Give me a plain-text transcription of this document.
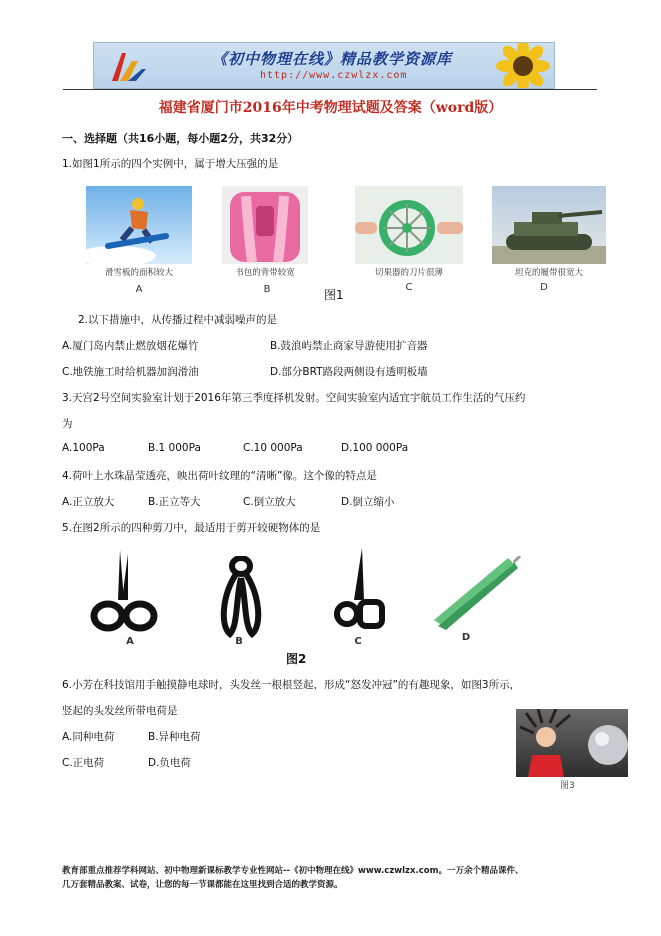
《初中物理在线》精品教学资源库
http://www.czwlzx.com
福建省厦门市2016年中考物理试题及答案（word版）
一、选择题（共16小题，每小题2分，共32分）
1.如图1所示的四个实例中，属于增大压强的是
滑雪板的面积较大	书包的背带较宽	切果器的刀片很薄	坦克的履带很宽大
A	B	C	D
图1
2.以下措施中，从传播过程中减弱噪声的是
A.厦门岛内禁止燃放烟花爆竹	B.鼓浪屿禁止商家导游使用扩音器
C.地铁施工时给机器加润滑油	D.部分BRT路段两侧设有透明板墙
3.天宫2号空间实验室计划于2016年第三季度择机发射。空间实验室内适宜宇航员工作生活的气压约
为
A.100Pa	B.1 000Pa	C.10 000Pa	D.100 000Pa
4.荷叶上水珠晶莹透亮，映出荷叶纹理的“清晰”像。这个像的特点是
A.正立放大	B.正立等大	C.倒立放大	D.倒立缩小
5.在图2所示的四种剪刀中，最适用于剪开较硬物体的是
A	B	C	D
图2
6.小芳在科技馆用手触摸静电球时，头发丝一根根竖起，形成“怒发冲冠”的有趣现象，如图3所示，
竖起的头发丝所带电荷是
A.同种电荷	B.异种电荷
C.正电荷	D.负电荷
图3
教育部重点推荐学科网站、初中物理新课标教学专业性网站--《初中物理在线》www.czwlzx.com。一万余个精品课件、
几万套精品教案、试卷，让您的每一节课都能在这里找到合适的教学资源。
